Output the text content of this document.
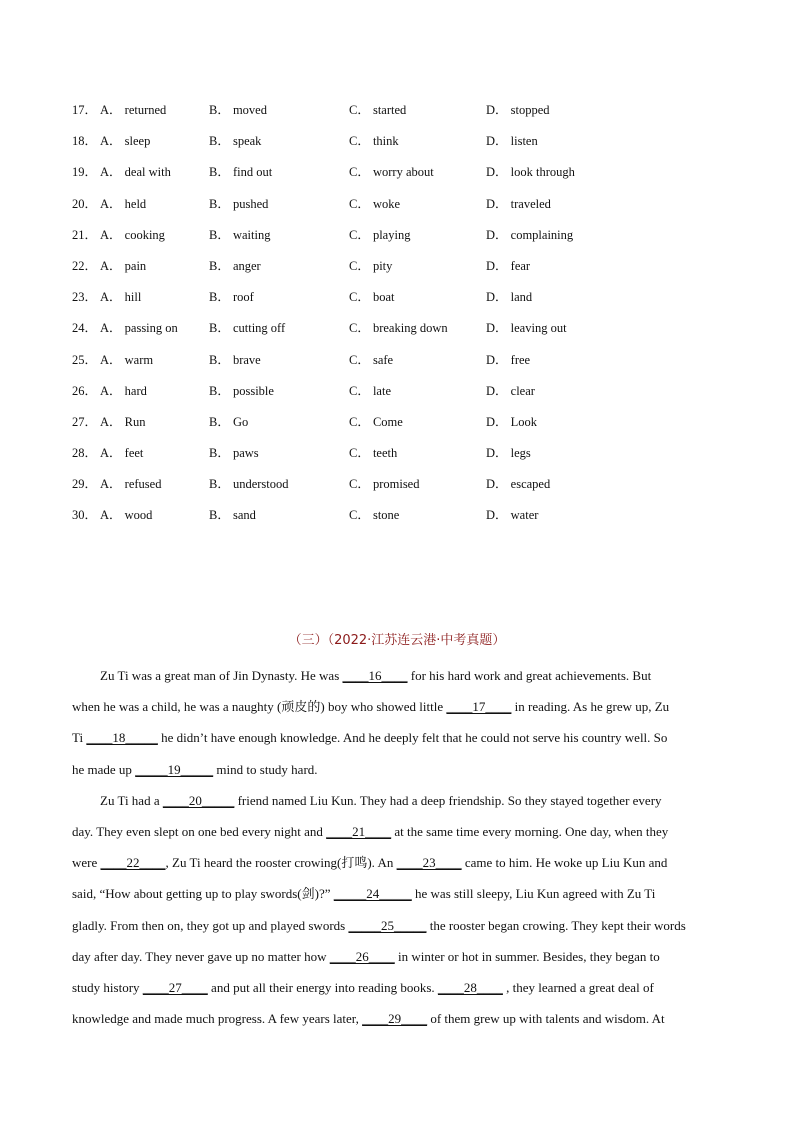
17． A． returned	B． moved	C． started	D． stopped
18． A． sleep	B． speak	C． think	D． listen
19． A． deal with	B． find out	C． worry about	D． look through
20． A． held	B． pushed	C． woke	D． traveled
21． A． cooking	B． waiting	C． playing	D． complaining
22． A． pain	B． anger	C． pity	D． fear
23． A． hill	B． roof	C． boat	D． land
24． A． passing on B． cutting off	C． breaking down	D． leaving out
25． A． warm	B． brave	C． safe	D． free
26． A． hard	B． possible	C． late	D． clear
27． A． Run	B． Go	C． Come	D． Look
28． A． feet	B． paws	C． teeth	D． legs
29． A． refused	B． understood	C． promised	D． escaped
30． A． wood	B． sand	C． stone	D． water
（三）（2022·江苏连云港·中考真题）
Zu Ti was a great man of Jin Dynasty. He was ____16____ for his hard work and great achievements. But
when he was a child, he was a naughty (顽皮的) boy who showed little ____17____ in reading. As he grew up, Zu
Ti ____18_____ he didn’t have enough knowledge. And he deeply felt that he could not serve his country well. So
he made up _____19_____ mind to study hard.
Zu Ti had a ____20_____ friend named Liu Kun. They had a deep friendship. So they stayed together every
day. They even slept on one bed every night and ____21____ at the same time every morning. One day, when they
were ____22____, Zu Ti heard the rooster crowing(打鸣). An ____23____ came to him. He woke up Liu Kun and
said, “How about getting up to play swords(剑)?” _____24_____ he was still sleepy, Liu Kun agreed with Zu Ti
gladly. From then on, they got up and played swords _____25_____ the rooster began crowing. They kept their words
day after day. They never gave up no matter how ____26____ in winter or hot in summer. Besides, they began to
study history ____27____ and put all their energy into reading books. ____28____ , they learned a great deal of
knowledge and made much progress. A few years later, ____29____ of them grew up with talents and wisdom. At
